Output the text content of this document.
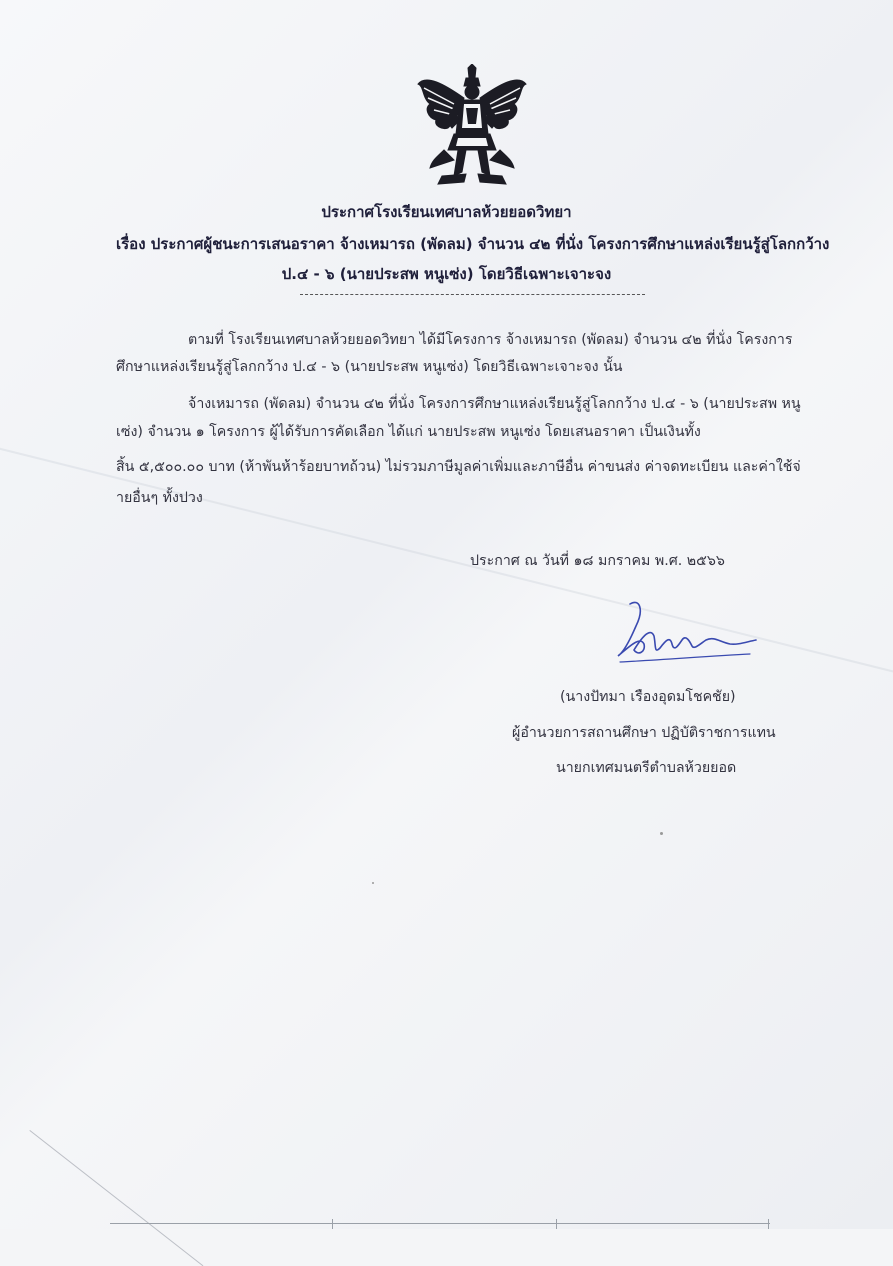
ประกาศโรงเรียนเทศบาลห้วยยอดวิทยา
เรื่อง ประกาศผู้ชนะการเสนอราคา จ้างเหมารถ (พัดลม) จำนวน ๔๒ ที่นั่ง โครงการศึกษาแหล่งเรียนรู้สู่โลกกว้าง
ป.๔ - ๖ (นายประสพ หนูเซ่ง) โดยวิธีเฉพาะเจาะจง
ตามที่ โรงเรียนเทศบาลห้วยยอดวิทยา ได้มีโครงการ จ้างเหมารถ (พัดลม) จำนวน ๔๒ ที่นั่ง โครงการ
ศึกษาแหล่งเรียนรู้สู่โลกกว้าง ป.๔ - ๖ (นายประสพ หนูเซ่ง) โดยวิธีเฉพาะเจาะจง นั้น
จ้างเหมารถ (พัดลม) จำนวน ๔๒ ที่นั่ง โครงการศึกษาแหล่งเรียนรู้สู่โลกกว้าง ป.๔ - ๖ (นายประสพ หนู
เซ่ง) จำนวน ๑ โครงการ ผู้ได้รับการคัดเลือก ได้แก่ นายประสพ หนูเซ่ง โดยเสนอราคา เป็นเงินทั้ง
สิ้น ๕,๕๐๐.๐๐ บาท (ห้าพันห้าร้อยบาทถ้วน) ไม่รวมภาษีมูลค่าเพิ่มและภาษีอื่น ค่าขนส่ง ค่าจดทะเบียน และค่าใช้จ่
ายอื่นๆ ทั้งปวง
ประกาศ ณ วันที่ ๑๘ มกราคม พ.ศ. ๒๕๖๖
(นางปัทมา เรืองอุดมโชคชัย)
ผู้อำนวยการสถานศึกษา ปฏิบัติราชการแทน
นายกเทศมนตรีตำบลห้วยยอด
